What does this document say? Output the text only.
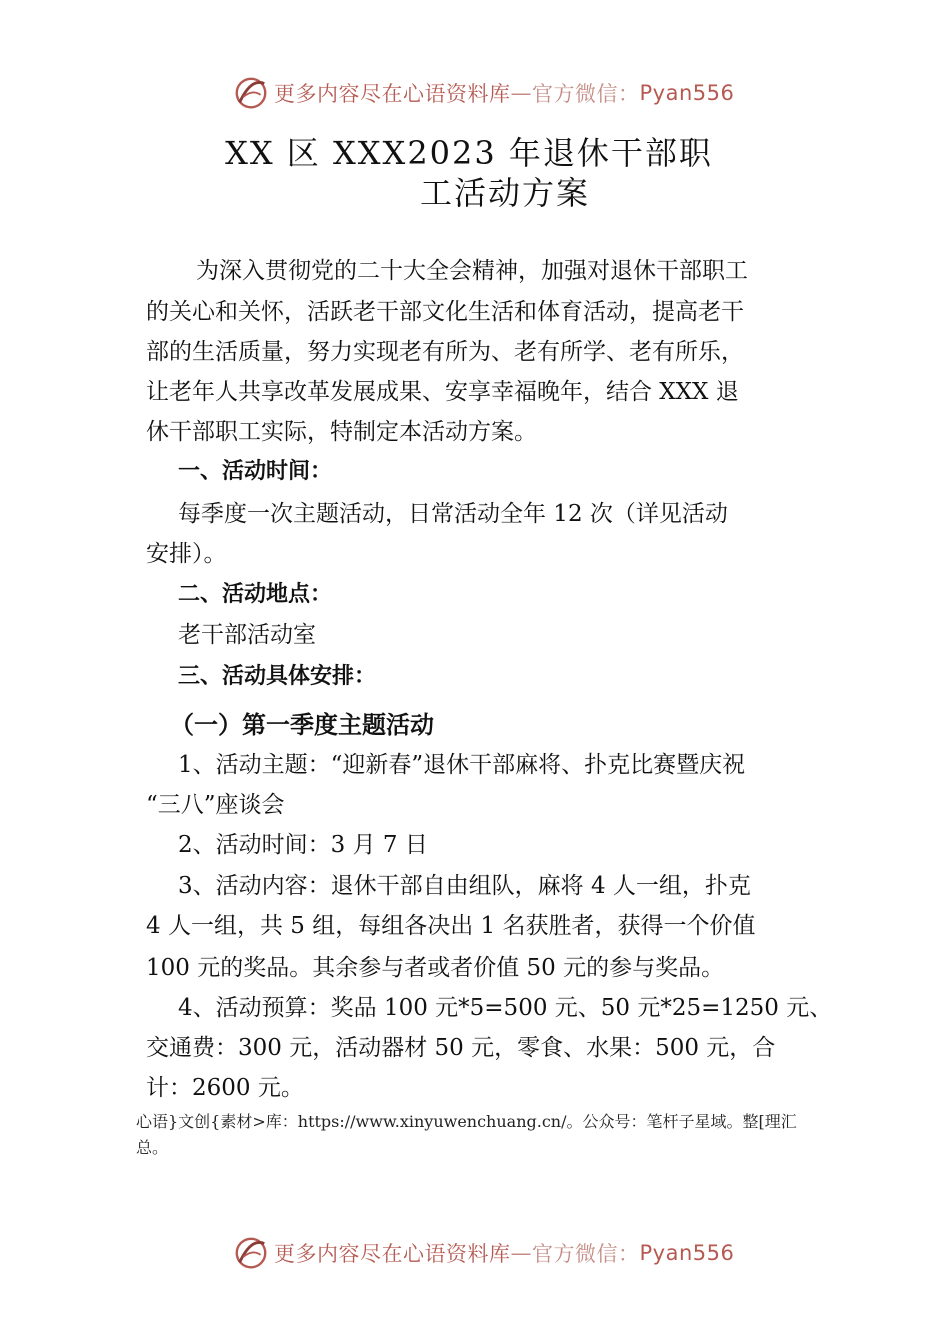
更多内容尽在心语资料库 — 官方微信： Pyan556
XX 区 XXX2023 年退休干部职
工活动方案
为深入贯彻党的二十大全会精神，加强对退休干部职工
的关心和关怀，活跃老干部文化生活和体育活动，提高老干
部的生活质量，努力实现老有所为、老有所学、老有所乐，
让老年人共享改革发展成果、安享幸福晚年，结合 XXX 退
休干部职工实际，特制定本活动方案。
一、活动时间：
每季度一次主题活动，日常活动全年 12 次（详见活动
安排）。
二、活动地点：
老干部活动室
三、活动具体安排：
（一）第一季度主题活动
1、活动主题：“迎新春”退休干部麻将、扑克比赛暨庆祝
“三八”座谈会
2、活动时间：3 月 7 日
3、活动内容：退休干部自由组队，麻将 4 人一组，扑克
4 人一组，共 5 组，每组各决出 1 名获胜者，获得一个价值
100 元的奖品。其余参与者或者价值 50 元的参与奖品。
4、活动预算：奖品 100 元*5=500 元、50 元*25=1250 元、
交通费：300 元，活动器材 50 元，零食、水果：500 元，合
计：2600 元。
心语}文创{素材>库：https://www.xinyuwenchuang.cn/。公众号：笔杆子星域。整[理汇
总。
更多内容尽在心语资料库 — 官方微信： Pyan556
